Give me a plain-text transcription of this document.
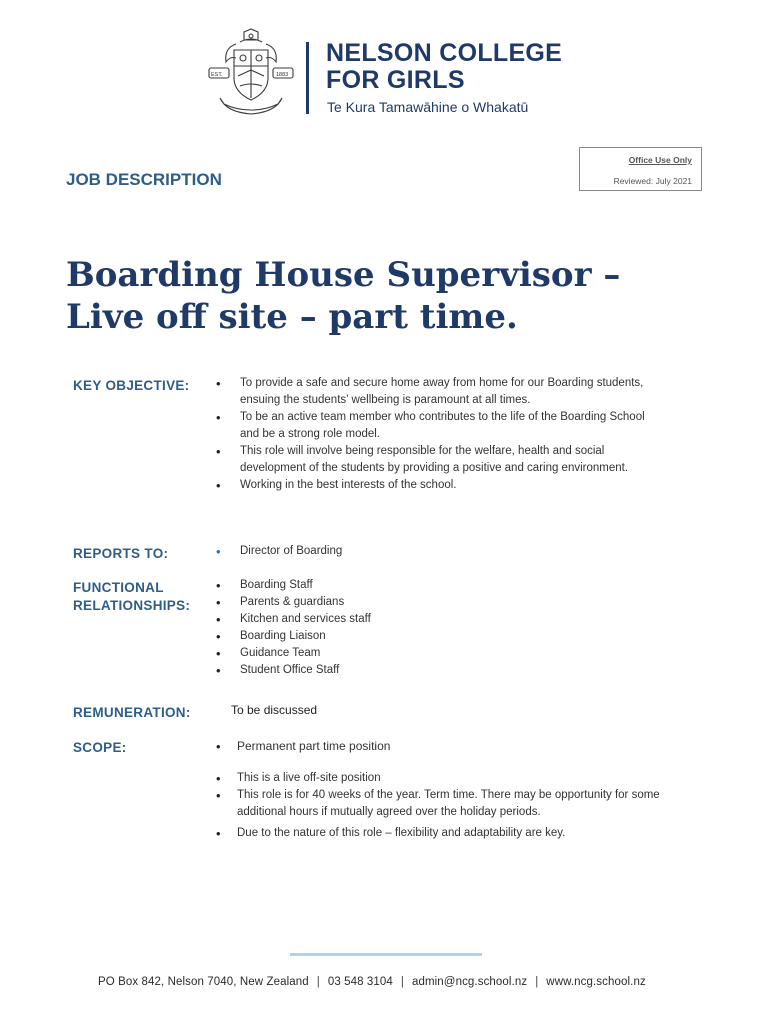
EST.	1883
NELSON COLLEGE
FOR GIRLS
Te Kura Tamawāhine o Whakatū
JOB DESCRIPTION
Office Use Only
Reviewed: July 2021
Boarding House Supervisor –
Live off site – part time.
KEY OBJECTIVE:	• To provide a safe and secure home away from home for our Boarding students, ensuing the students’ wellbeing is paramount at all times.
• To be an active team member who contributes to the life of the Boarding School and be a strong role model.
• This role will involve being responsible for the welfare, health and social development of the students by providing a positive and caring environment.
• Working in the best interests of the school.
REPORTS TO:	• Director of Boarding
FUNCTIONAL
RELATIONSHIPS:
• Boarding Staff
• Parents & guardians
• Kitchen and services staff
• Boarding Liaison
• Guidance Team
• Student Office Staff
REMUNERATION:	To be discussed
SCOPE:	• Permanent part time position
• This is a live off-site position
• This role is for 40 weeks of the year. Term time. There may be opportunity for some additional hours if mutually agreed over the holiday periods.
• Due to the nature of this role – flexibility and adaptability are key.
PO Box 842, Nelson 7040, New Zealand | 03 548 3104 | admin@ncg.school.nz | www.ncg.school.nz
